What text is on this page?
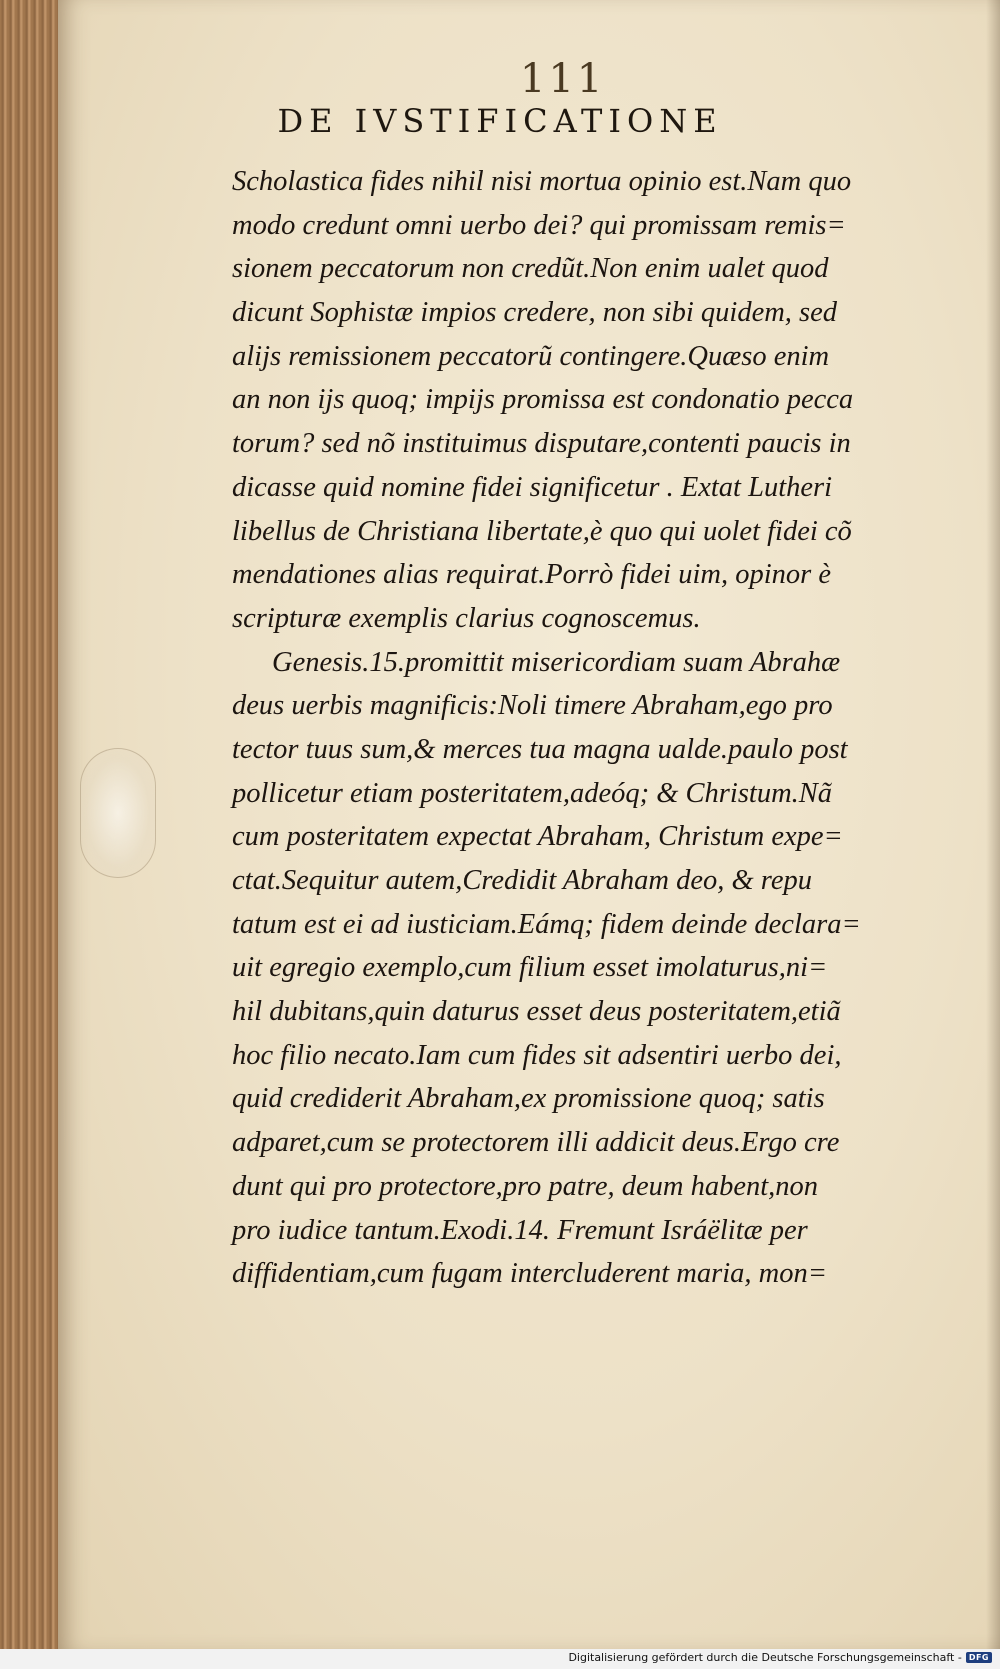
111
DE IVSTIFICATIONE
Scholastica fides nihil nisi mortua opinio est.Nam quo
modo credunt omni uerbo dei? qui promissam remis=
sionem peccatorum non credũt.Non enim ualet quod
dicunt Sophistæ impios credere, non sibi quidem, sed
alijs remissionem peccatorũ contingere.Quæso enim
an non ijs quoq; impijs promissa est condonatio pecca
torum? sed nõ instituimus disputare,contenti paucis in
dicasse quid nomine fidei significetur . Extat Lutheri
libellus de Christiana libertate,è quo qui uolet fidei cõ
mendationes alias requirat.Porrò fidei uim, opinor è
scripturæ exemplis clarius cognoscemus.
Genesis.15.promittit misericordiam suam Abrahæ
deus uerbis magnificis:Noli timere Abraham,ego pro
tector tuus sum,& merces tua magna ualde.paulo post
pollicetur etiam posteritatem,adeóq; & Christum.Nã
cum posteritatem expectat Abraham, Christum expe=
ctat.Sequitur autem,Credidit Abraham deo, & repu
tatum est ei ad iusticiam.Eámq; fidem deinde declara=
uit egregio exemplo,cum filium esset imolaturus,ni=
hil dubitans,quin daturus esset deus posteritatem,etiã
hoc filio necato.Iam cum fides sit adsentiri uerbo dei,
quid crediderit Abraham,ex promissione quoq; satis
adparet,cum se protectorem illi addicit deus.Ergo cre
dunt qui pro protectore,pro patre, deum habent,non
pro iudice tantum.Exodi.14. Fremunt Isráëlitæ per
diffidentiam,cum fugam intercluderent maria, mon=
Digitalisierung gefördert durch die Deutsche Forschungsgemeinschaft - DFG
